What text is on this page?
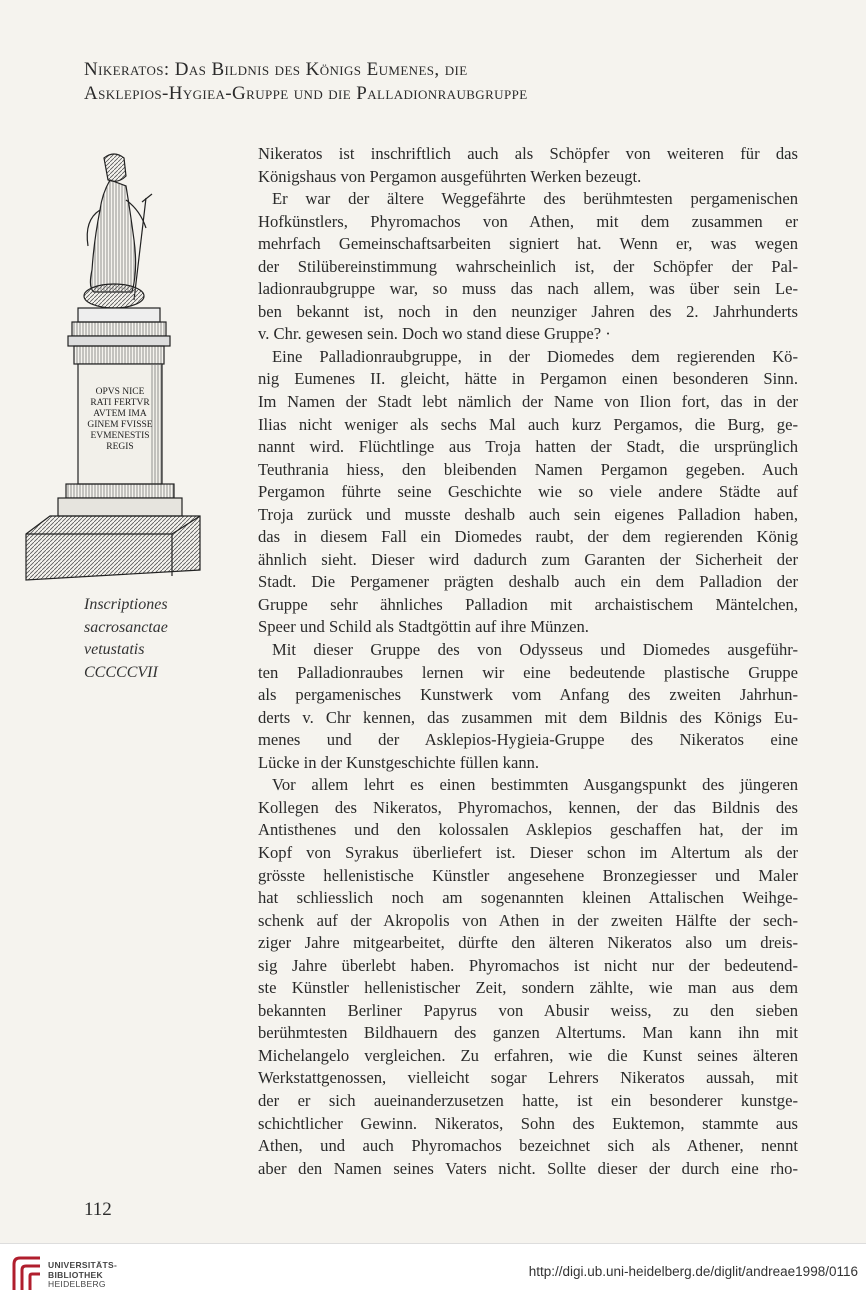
Nikeratos: Das Bildnis des Königs Eumenes, die
Asklepios-Hygiea-Gruppe und die Palladionraubgruppe
OPVS NICE
RATI FERTVR
AVTEM IMA
GINEM FVISSE
EVMENESTIS
REGIS
Inscriptiones
sacrosanctae
vetustatis
CCCCCVII
Nikeratos ist inschriftlich auch als Schöpfer von weiteren für das
Königshaus von Pergamon ausgeführten Werken bezeugt.
Er war der ältere Weggefährte des berühmtesten pergamenischen
Hofkünstlers, Phyromachos von Athen, mit dem zusammen er
mehrfach Gemeinschaftsarbeiten signiert hat. Wenn er, was wegen
der Stilübereinstimmung wahrscheinlich ist, der Schöpfer der Pal-
ladionraubgruppe war, so muss das nach allem, was über sein Le-
ben bekannt ist, noch in den neunziger Jahren des 2. Jahrhunderts
v. Chr. gewesen sein. Doch wo stand diese Gruppe? ·
Eine Palladionraubgruppe, in der Diomedes dem regierenden Kö-
nig Eumenes II. gleicht, hätte in Pergamon einen besonderen Sinn.
Im Namen der Stadt lebt nämlich der Name von Ilion fort, das in der
Ilias nicht weniger als sechs Mal auch kurz Pergamos, die Burg, ge-
nannt wird. Flüchtlinge aus Troja hatten der Stadt, die ursprünglich
Teuthrania hiess, den bleibenden Namen Pergamon gegeben. Auch
Pergamon führte seine Geschichte wie so viele andere Städte auf
Troja zurück und musste deshalb auch sein eigenes Palladion haben,
das in diesem Fall ein Diomedes raubt, der dem regierenden König
ähnlich sieht. Dieser wird dadurch zum Garanten der Sicherheit der
Stadt. Die Pergamener prägten deshalb auch ein dem Palladion der
Gruppe sehr ähnliches Palladion mit archaistischem Mäntelchen,
Speer und Schild als Stadtgöttin auf ihre Münzen.
Mit dieser Gruppe des von Odysseus und Diomedes ausgeführ-
ten Palladionraubes lernen wir eine bedeutende plastische Gruppe
als pergamenisches Kunstwerk vom Anfang des zweiten Jahrhun-
derts v. Chr kennen, das zusammen mit dem Bildnis des Königs Eu-
menes und der Asklepios-Hygieia-Gruppe des Nikeratos eine
Lücke in der Kunstgeschichte füllen kann.
Vor allem lehrt es einen bestimmten Ausgangspunkt des jüngeren
Kollegen des Nikeratos, Phyromachos, kennen, der das Bildnis des
Antisthenes und den kolossalen Asklepios geschaffen hat, der im
Kopf von Syrakus überliefert ist. Dieser schon im Altertum als der
grösste hellenistische Künstler angesehene Bronzegiesser und Maler
hat schliesslich noch am sogenannten kleinen Attalischen Weihge-
schenk auf der Akropolis von Athen in der zweiten Hälfte der sech-
ziger Jahre mitgearbeitet, dürfte den älteren Nikeratos also um dreis-
sig Jahre überlebt haben. Phyromachos ist nicht nur der bedeutend-
ste Künstler hellenistischer Zeit, sondern zählte, wie man aus dem
bekannten Berliner Papyrus von Abusir weiss, zu den sieben
berühmtesten Bildhauern des ganzen Altertums. Man kann ihn mit
Michelangelo vergleichen. Zu erfahren, wie die Kunst seines älteren
Werkstattgenossen, vielleicht sogar Lehrers Nikeratos aussah, mit
der er sich aueinanderzusetzen hatte, ist ein besonderer kunstge-
schichtlicher Gewinn. Nikeratos, Sohn des Euktemon, stammte aus
Athen, und auch Phyromachos bezeichnet sich als Athener, nennt
aber den Namen seines Vaters nicht. Sollte dieser der durch eine rho-
112
UNIVERSITÄTS-
BIBLIOTHEK
HEIDELBERG
http://digi.ub.uni-heidelberg.de/diglit/andreae1998/0116
